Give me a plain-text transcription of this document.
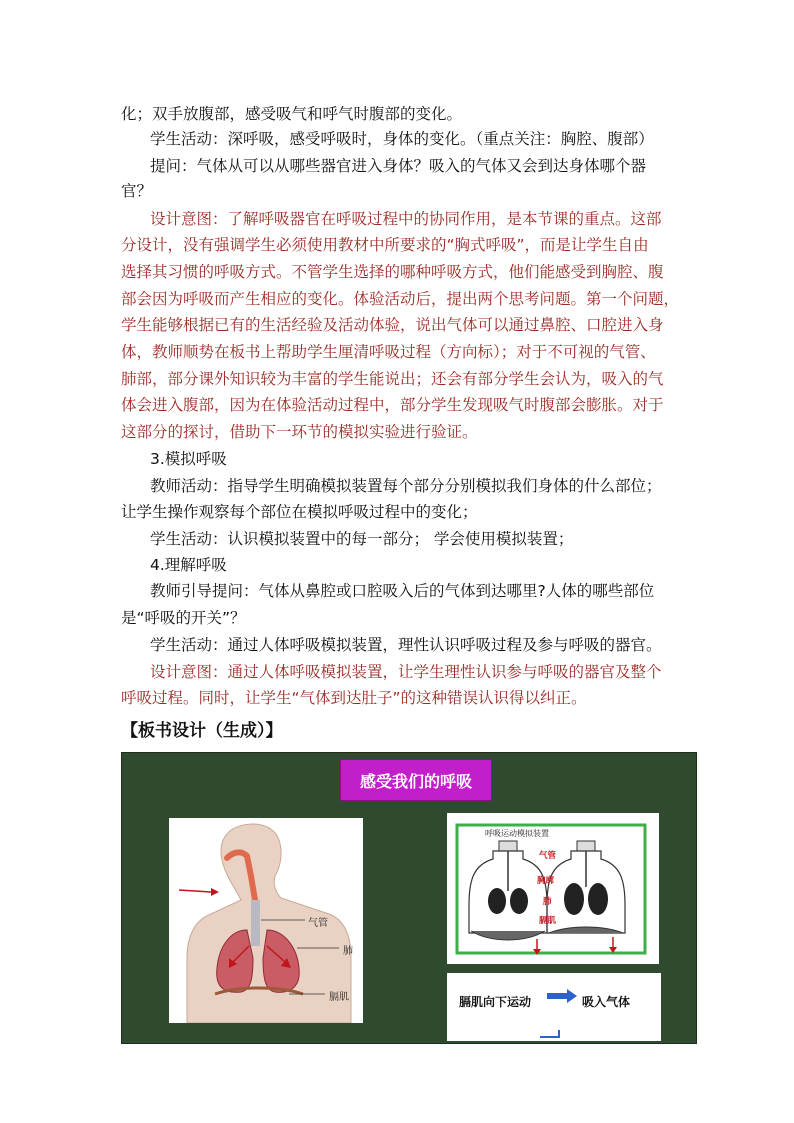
化；双手放腹部，感受吸气和呼气时腹部的变化。
学生活动：深呼吸，感受呼吸时，身体的变化。（重点关注：胸腔、腹部）
提问：气体从可以从哪些器官进入身体？吸入的气体又会到达身体哪个器
官？
设计意图：了解呼吸器官在呼吸过程中的协同作用，是本节课的重点。这部
分设计，没有强调学生必须使用教材中所要求的“胸式呼吸”，而是让学生自由
选择其习惯的呼吸方式。不管学生选择的哪种呼吸方式，他们能感受到胸腔、腹
部会因为呼吸而产生相应的变化。体验活动后，提出两个思考问题。第一个问题，
学生能够根据已有的生活经验及活动体验，说出气体可以通过鼻腔、口腔进入身
体，教师顺势在板书上帮助学生厘清呼吸过程（方向标）；对于不可视的气管、
肺部，部分课外知识较为丰富的学生能说出；还会有部分学生会认为，吸入的气
体会进入腹部，因为在体验活动过程中，部分学生发现吸气时腹部会膨胀。对于
这部分的探讨，借助下一环节的模拟实验进行验证。
3.模拟呼吸
教师活动：指导学生明确模拟装置每个部分分别模拟我们身体的什么部位；
让学生操作观察每个部位在模拟呼吸过程中的变化；
学生活动：认识模拟装置中的每一部分； 学会使用模拟装置；
4.理解呼吸
教师引导提问：气体从鼻腔或口腔吸入后的气体到达哪里?人体的哪些部位
是“呼吸的开关”？
学生活动：通过人体呼吸模拟装置，理性认识呼吸过程及参与呼吸的器官。
设计意图：通过人体呼吸模拟装置，让学生理性认识参与呼吸的器官及整个
呼吸过程。同时，让学生“气体到达肚子”的这种错误认识得以纠正。
【板书设计（生成）】
感受我们的呼吸
气管
肺
膈肌
呼吸运动模拟装置
气管
胸廓
肺
膈肌
膈肌向下运动	吸入气体
